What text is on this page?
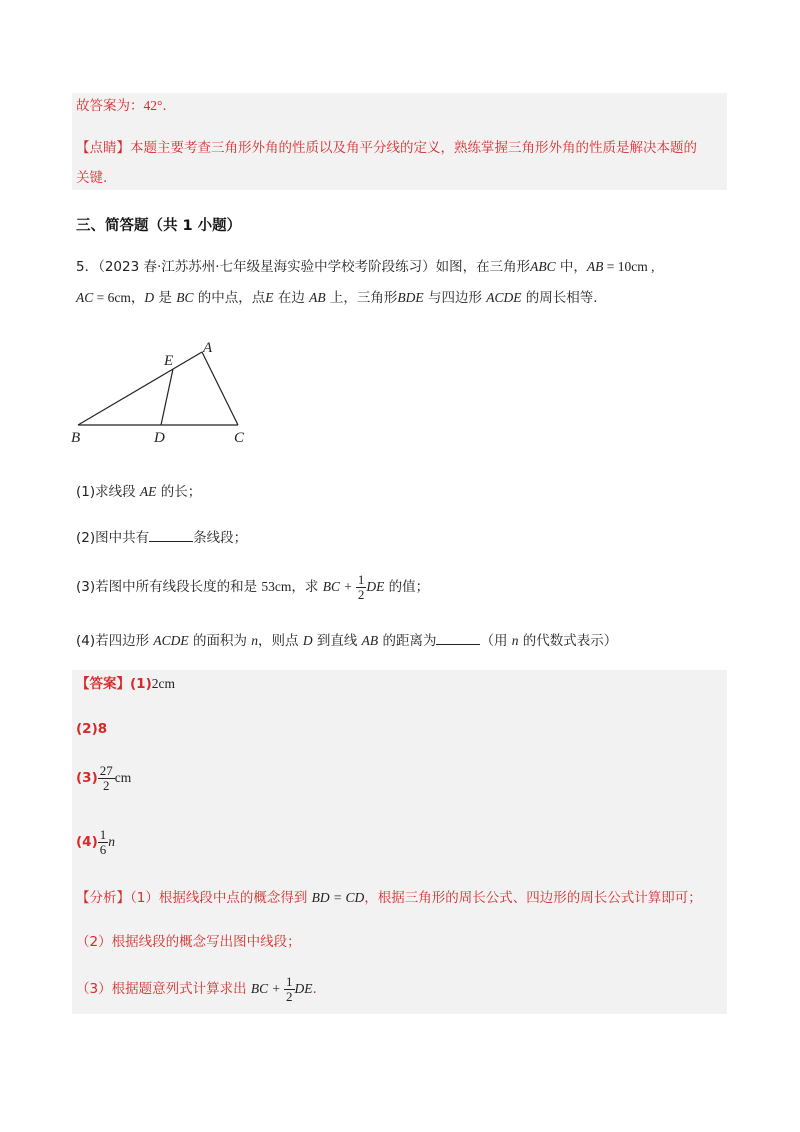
故答案为：42°.
【点睛】本题主要考查三角形外角的性质以及角平分线的定义，熟练掌握三角形外角的性质是解决本题的
关键.
三、简答题（共 1 小题）
5．（2023 春·江苏苏州·七年级星海实验中学校考阶段练习）如图，在三角形ABC 中，AB = 10cm ,
AC = 6cm，D 是 BC 的中点，点E 在边 AB 上，三角形BDE 与四边形 ACDE 的周长相等.
A
E
B	D	C
(1)求线段 AE 的长；
(2)图中共有	条线段；
(3)若图中所有线段长度的和是 53cm，求 BC + $\frac{1}{2}$ DE 的值；
(4)若四边形 ACDE 的面积为 n，则点 D 到直线 AB 的距离为	（用 n 的代数式表示）
【答案】(1)2cm
(2)8
$(3) \frac{27}{2}$ cm
$(4) \frac{1}{6}$ n
【分析】（1）根据线段中点的概念得到 BD = CD，根据三角形的周长公式、四边形的周长公式计算即可；
（2）根据线段的概念写出图中线段；
（3）根据题意列式计算求出 BC + $\frac{1}{2}$ DE.
